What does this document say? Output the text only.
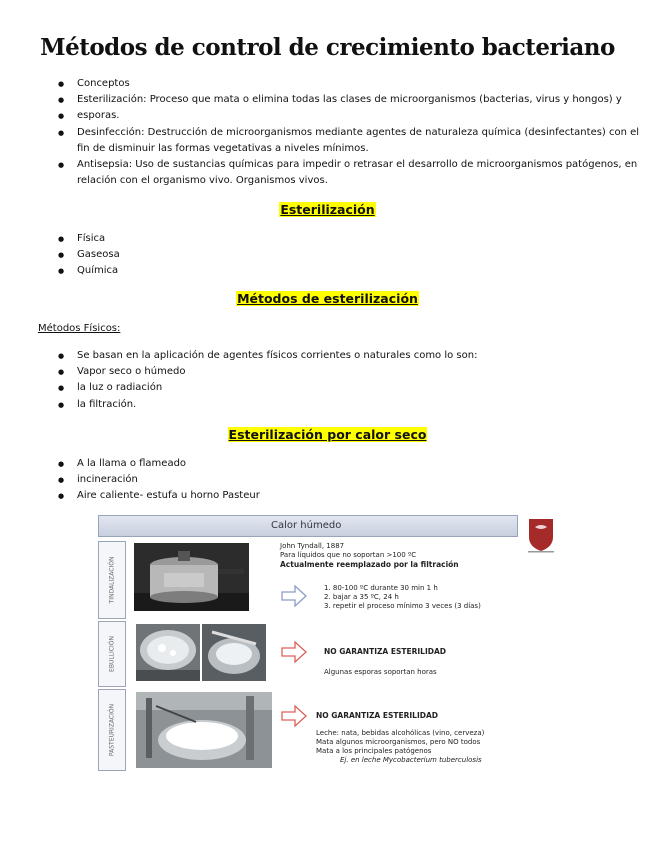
Métodos de control de crecimiento bacteriano
● Conceptos
● Esterilización: Proceso que mata o elimina todas las clases de microorganismos (bacterias, virus y hongos) y
● esporas.
● Desinfección: Destrucción de microorganismos mediante agentes de naturaleza química (desinfectantes) con el
fin de disminuir las formas vegetativas a niveles mínimos.
● Antisepsia: Uso de sustancias químicas para impedir o retrasar el desarrollo de microorganismos patógenos, en
relación con el organismo vivo. Organismos vivos.
Esterilización
● Física
● Gaseosa
● Química
Métodos de esterilización
Métodos Físicos:
● Se basan en la aplicación de agentes físicos corrientes o naturales como lo son:
● Vapor seco o húmedo
● la luz o radiación
● la filtración.
Esterilización por calor seco
● A la llama o flameado
● incineración
● Aire caliente- estufa u horno Pasteur
Calor húmedo
TINDALIZACIÓN
John Tyndall, 1887
Para líquidos que no soportan >100 ºC
Actualmente reemplazado por la filtración
1. 80-100 ºC durante 30 min 1 h
2. bajar a 35 ºC, 24 h
3. repetir el proceso mínimo 3 veces (3 días)
EBULLICIÓN	NO GARANTIZA ESTERILIDAD
Algunas esporas soportan horas
PASTEURIZACIÓN	NO GARANTIZA ESTERILIDAD
Leche: nata, bebidas alcohólicas (vino, cerveza)
Mata algunos microorganismos, pero NO todos
Mata a los principales patógenos
Ej. en leche Mycobacterium tuberculosis
